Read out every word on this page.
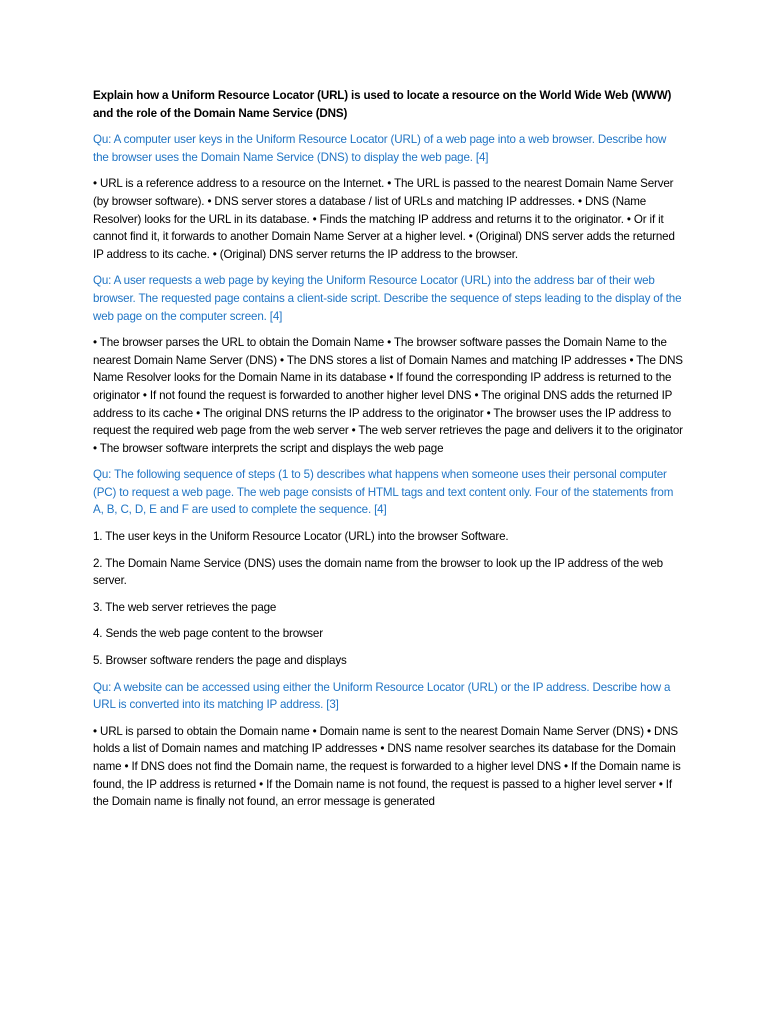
Explain how a Uniform Resource Locator (URL) is used to locate a resource on the World Wide Web (WWW) and the role of the Domain Name Service (DNS)

Qu: A computer user keys in the Uniform Resource Locator (URL) of a web page into a web browser. Describe how the browser uses the Domain Name Service (DNS) to display the web page. [4]

• URL is a reference address to a resource on the Internet. • The URL is passed to the nearest Domain Name Server (by browser software). • DNS server stores a database / list of URLs and matching IP addresses. • DNS (Name Resolver) looks for the URL in its database. • Finds the matching IP address and returns it to the originator. • Or if it cannot find it, it forwards to another Domain Name Server at a higher level. • (Original) DNS server adds the returned IP address to its cache. • (Original) DNS server returns the IP address to the browser.

Qu: A user requests a web page by keying the Uniform Resource Locator (URL) into the address bar of their web browser. The requested page contains a client-side script. Describe the sequence of steps leading to the display of the web page on the computer screen. [4]

• The browser parses the URL to obtain the Domain Name • The browser software passes the Domain Name to the nearest Domain Name Server (DNS) • The DNS stores a list of Domain Names and matching IP addresses • The DNS Name Resolver looks for the Domain Name in its database • If found the corresponding IP address is returned to the originator • If not found the request is forwarded to another higher level DNS • The original DNS adds the returned IP address to its cache • The original DNS returns the IP address to the originator • The browser uses the IP address to request the required web page from the web server • The web server retrieves the page and delivers it to the originator • The browser software interprets the script and displays the web page

Qu: The following sequence of steps (1 to 5) describes what happens when someone uses their personal computer (PC) to request a web page. The web page consists of HTML tags and text content only. Four of the statements from A, B, C, D, E and F are used to complete the sequence. [4]

1. The user keys in the Uniform Resource Locator (URL) into the browser Software.

2. The Domain Name Service (DNS) uses the domain name from the browser to look up the IP address of the web server.

3. The web server retrieves the page

4. Sends the web page content to the browser

5. Browser software renders the page and displays

Qu: A website can be accessed using either the Uniform Resource Locator (URL) or the IP address. Describe how a URL is converted into its matching IP address. [3]

• URL is parsed to obtain the Domain name • Domain name is sent to the nearest Domain Name Server (DNS) • DNS holds a list of Domain names and matching IP addresses • DNS name resolver searches its database for the Domain name • If DNS does not find the Domain name, the request is forwarded to a higher level DNS • If the Domain name is found, the IP address is returned • If the Domain name is not found, the request is passed to a higher level server • If the Domain name is finally not found, an error message is generated
